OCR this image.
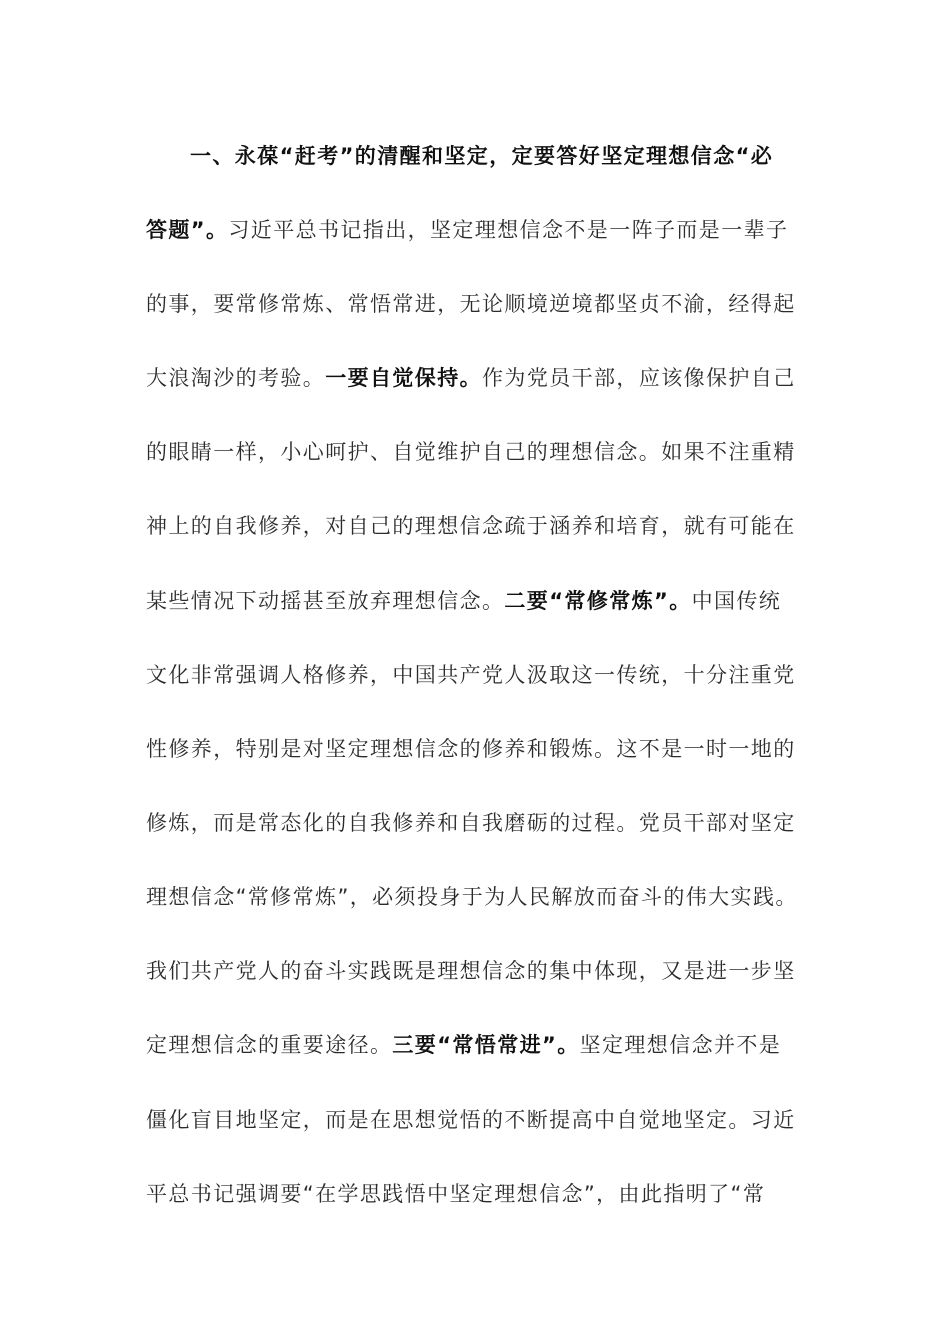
一、永葆“赶考”的清醒和坚定，定要答好坚定理想信念“必
答题”。习近平总书记指出，坚定理想信念不是一阵子而是一辈子
的事，要常修常炼、常悟常进，无论顺境逆境都坚贞不渝，经得起
大浪淘沙的考验。一要自觉保持。作为党员干部，应该像保护自己
的眼睛一样，小心呵护、自觉维护自己的理想信念。如果不注重精
神上的自我修养，对自己的理想信念疏于涵养和培育，就有可能在
某些情况下动摇甚至放弃理想信念。二要“常修常炼”。中国传统
文化非常强调人格修养，中国共产党人汲取这一传统，十分注重党
性修养，特别是对坚定理想信念的修养和锻炼。这不是一时一地的
修炼，而是常态化的自我修养和自我磨砺的过程。党员干部对坚定
理想信念“常修常炼”，必须投身于为人民解放而奋斗的伟大实践。
我们共产党人的奋斗实践既是理想信念的集中体现，又是进一步坚
定理想信念的重要途径。三要“常悟常进”。坚定理想信念并不是
僵化盲目地坚定，而是在思想觉悟的不断提高中自觉地坚定。习近
平总书记强调要“在学思践悟中坚定理想信念”，由此指明了“常
